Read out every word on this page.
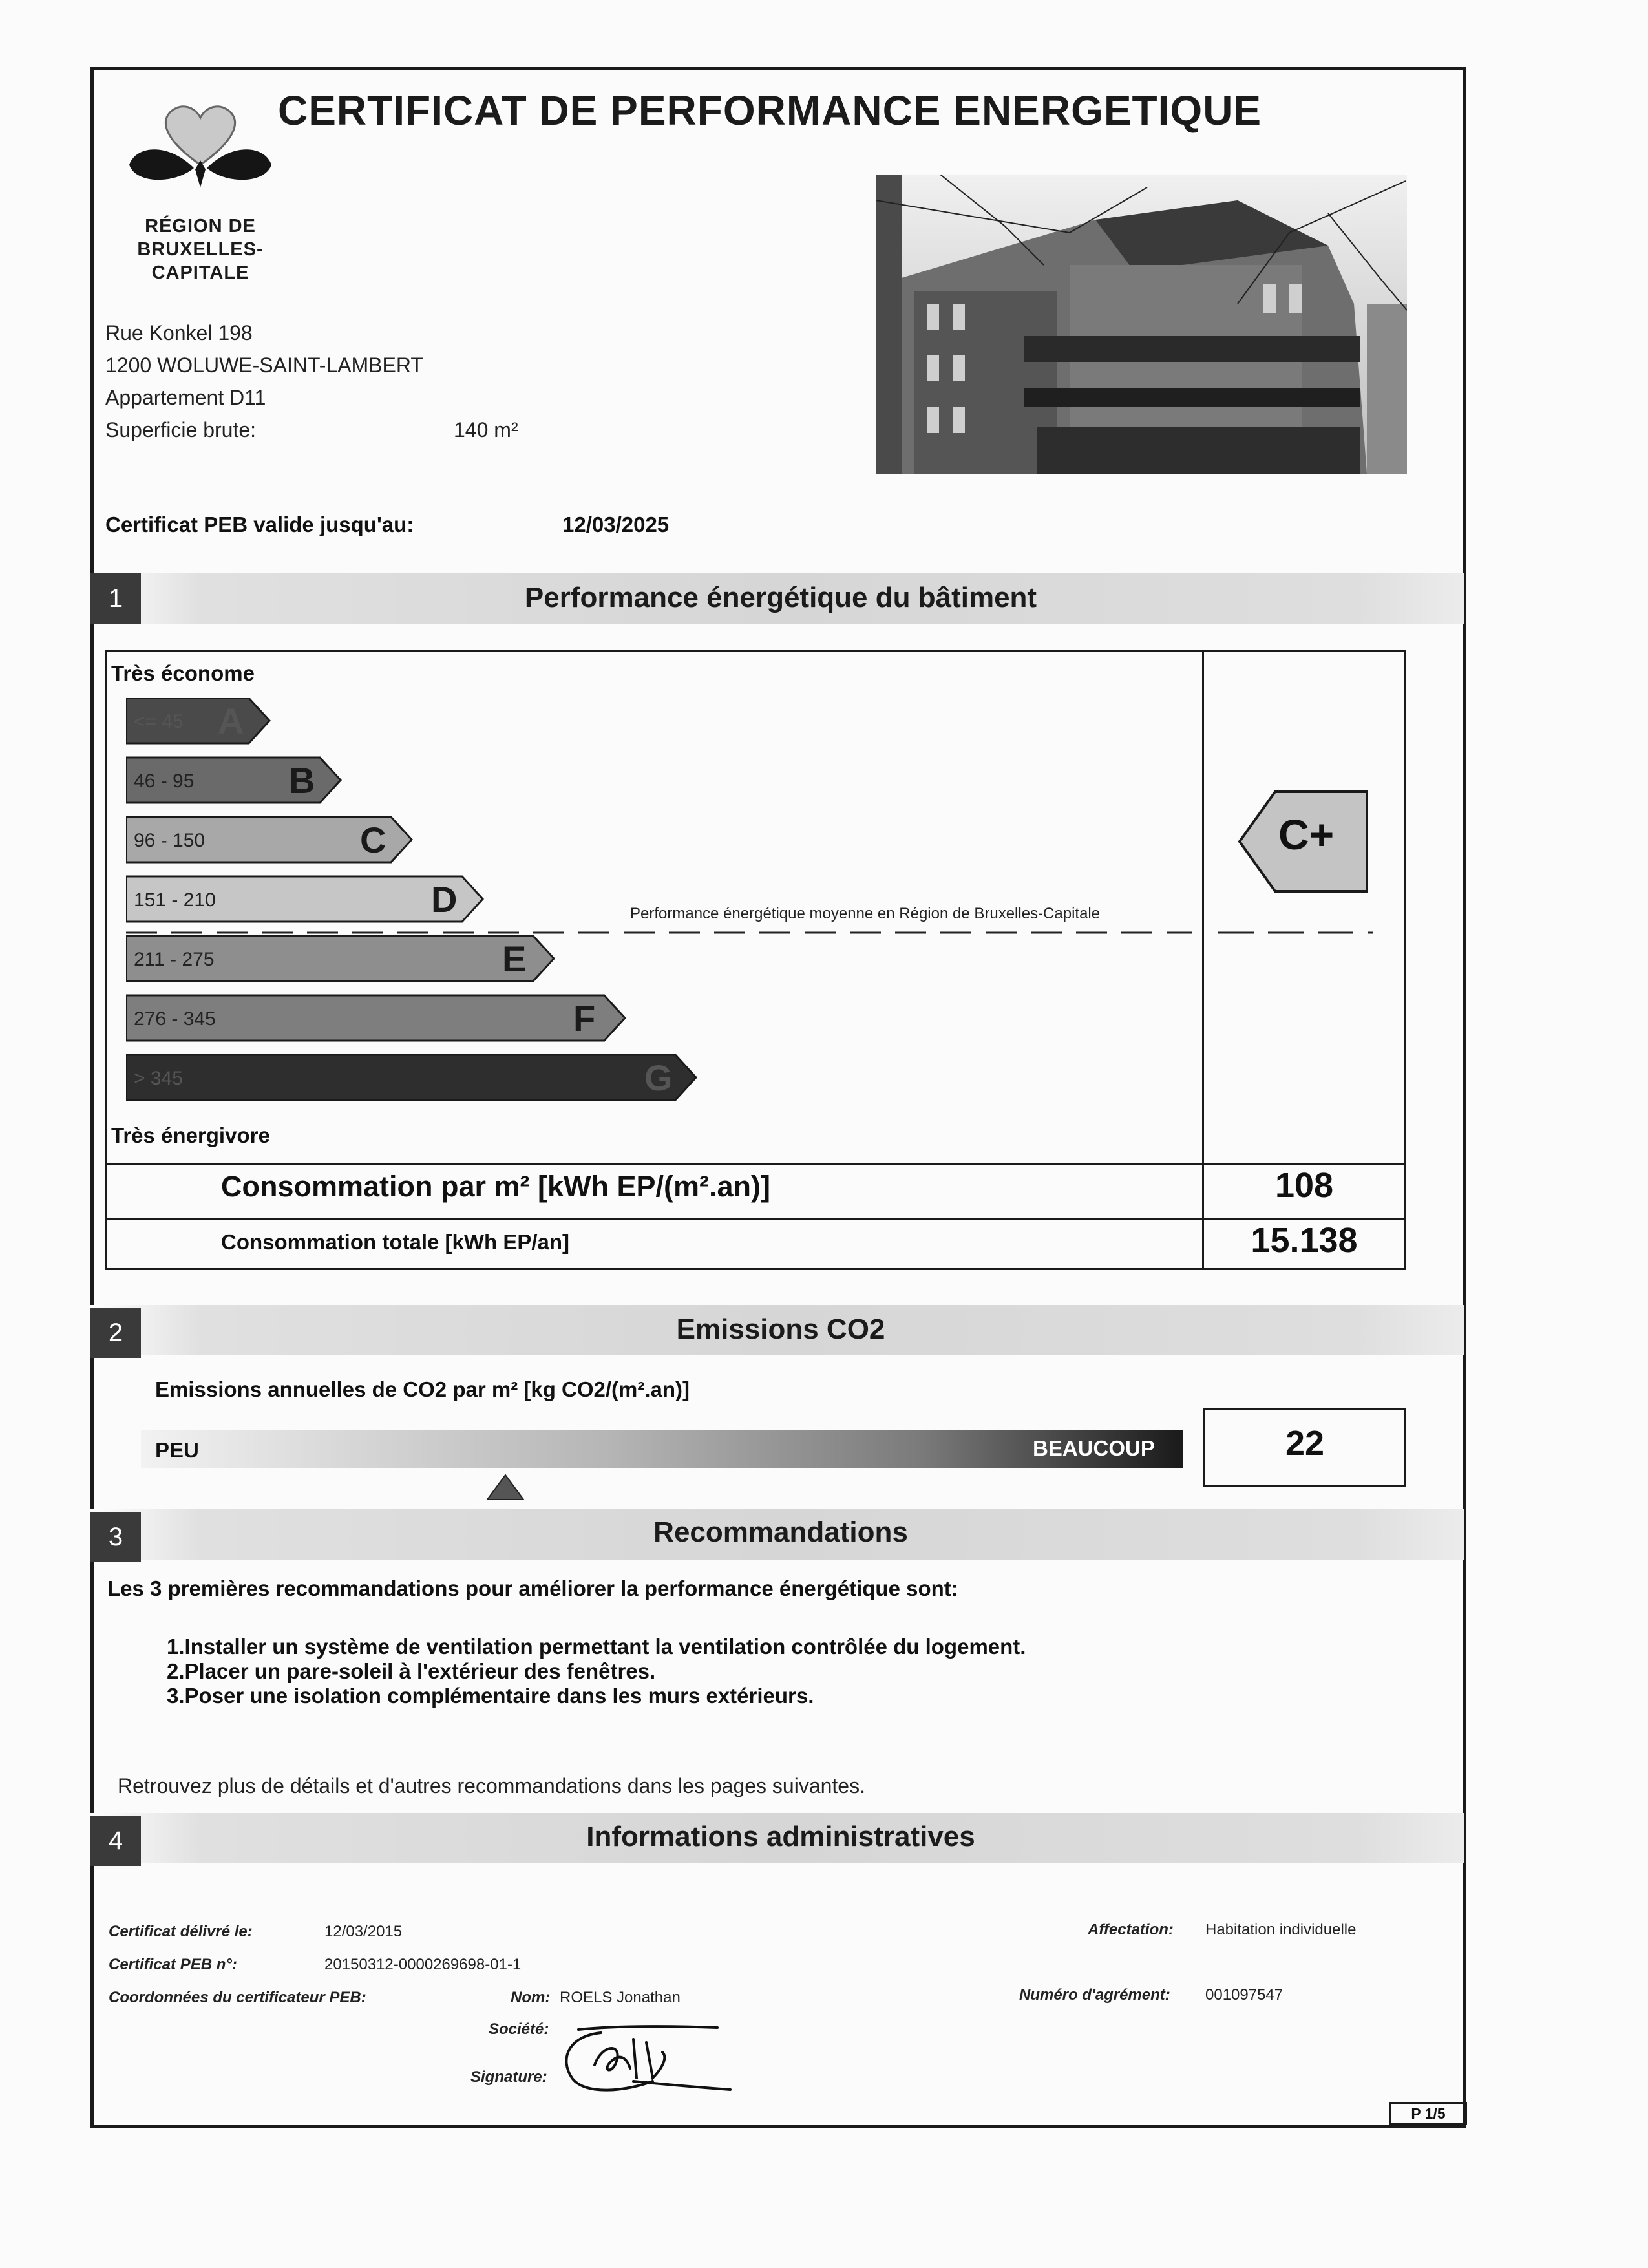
CERTIFICAT DE PERFORMANCE ENERGETIQUE
RÉGION DE
BRUXELLES-
CAPITALE
Rue Konkel 198
1200 WOLUWE-SAINT-LAMBERT
Appartement D11
Superficie brute:	140 m²
Certificat PEB valide jusqu'au:	12/03/2025
1	Performance énergétique du bâtiment
Très économe
Très énergivore
<= 45 A
46 - 95	B
96 - 150	C
151 - 210	D
211 - 275	E
276 - 345	F
> 345	G
Performance énergétique moyenne en Région de Bruxelles-Capitale
C+
Consommation par m² [kWh EP/(m².an)]	108
Consommation totale [kWh EP/an]	15.138
2	Emissions CO2
Emissions annuelles de CO2 par m² [kg CO2/(m².an)]
PEU	BEAUCOUP	22
3	Recommandations
Les 3 premières recommandations pour améliorer la performance énergétique sont:
1.Installer un système de ventilation permettant la ventilation contrôlée du logement.
2.Placer un pare-soleil à l'extérieur des fenêtres.
3.Poser une isolation complémentaire dans les murs extérieurs.
Retrouvez plus de détails et d'autres recommandations dans les pages suivantes.
4	Informations administratives
Certificat délivré le:	12/03/2015
Certificat PEB n°:	20150312-0000269698-01-1
Coordonnées du certificateur PEB:	Nom: ROELS Jonathan
Société:
Signature:
Affectation: Habitation individuelle
Numéro d'agrément: 001097547
P 1/5
